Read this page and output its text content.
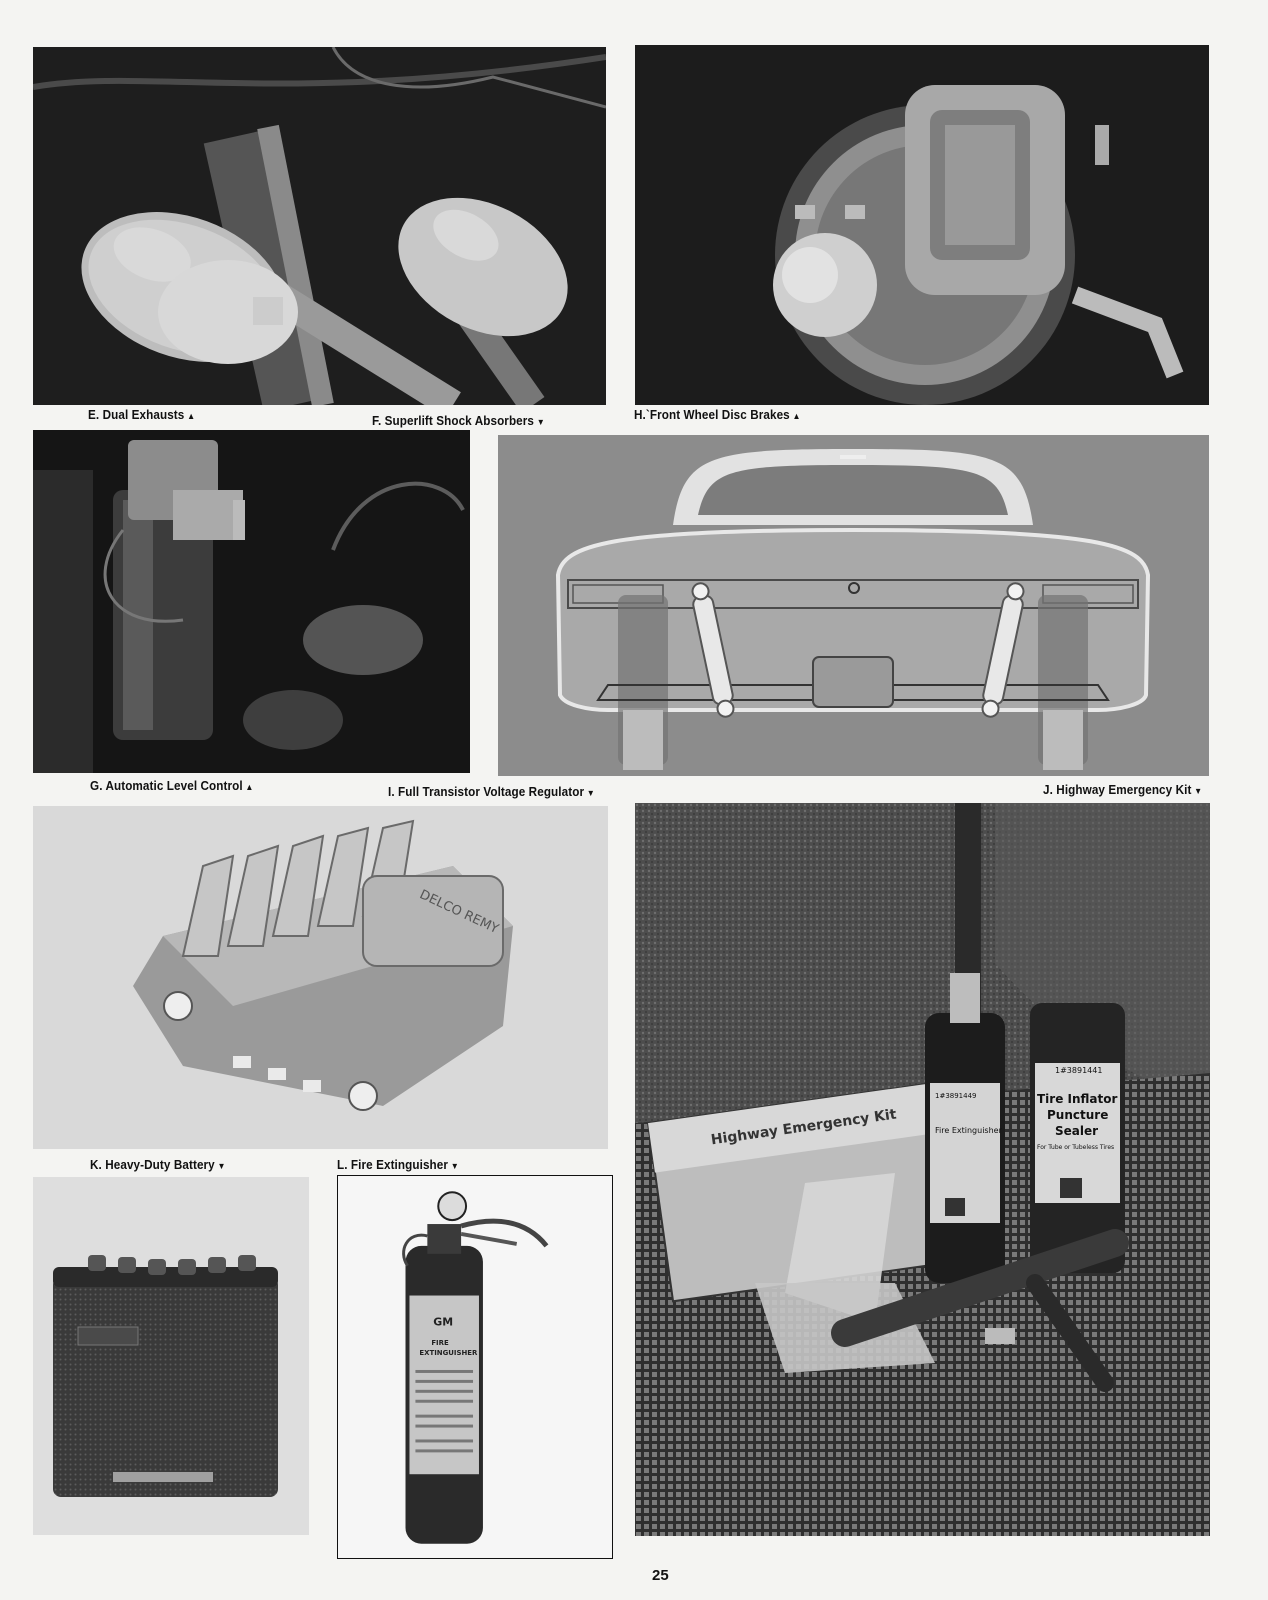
E. Dual Exhausts ▲	F. Superlift Shock Absorbers ▼	H.`Front Wheel Disc Brakes ▲
G. Automatic Level Control ▲	I. Full Transistor Voltage Regulator ▼	J. Highway Emergency Kit ▼
DELCO REMY
Highway Emergency Kit
1#3891449
Fire Extinguisher
1#3891441
Tire Inflator
Puncture
Sealer
For Tube or Tubeless Tires
K. Heavy-Duty Battery ▼	L. Fire Extinguisher ▼
GM
FIRE
EXTINGUISHER
25
